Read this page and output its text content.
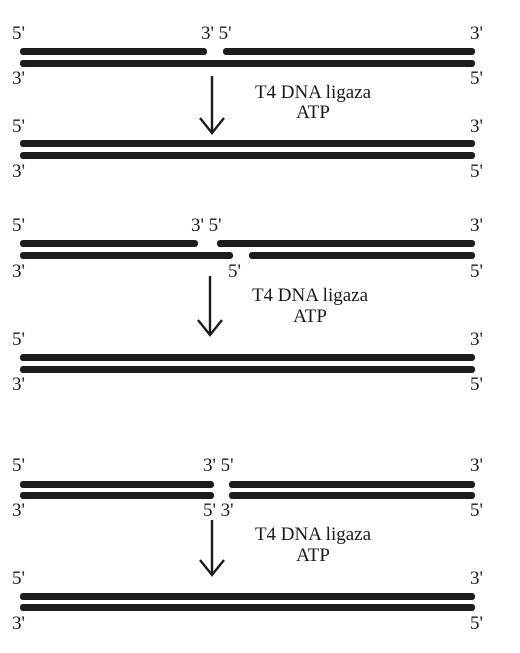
5'	3' 5'	3'
3'	5'
T4 DNA ligaza
ATP
5'	3'
3'	5'
5'	3' 5'	3'
3'	5'	5'
T4 DNA ligaza
ATP
5'	3'
3'	5'
5'	3' 5'	3'
3'	5' 3'	5'
T4 DNA ligaza
ATP
5'	3'
3'	5'
